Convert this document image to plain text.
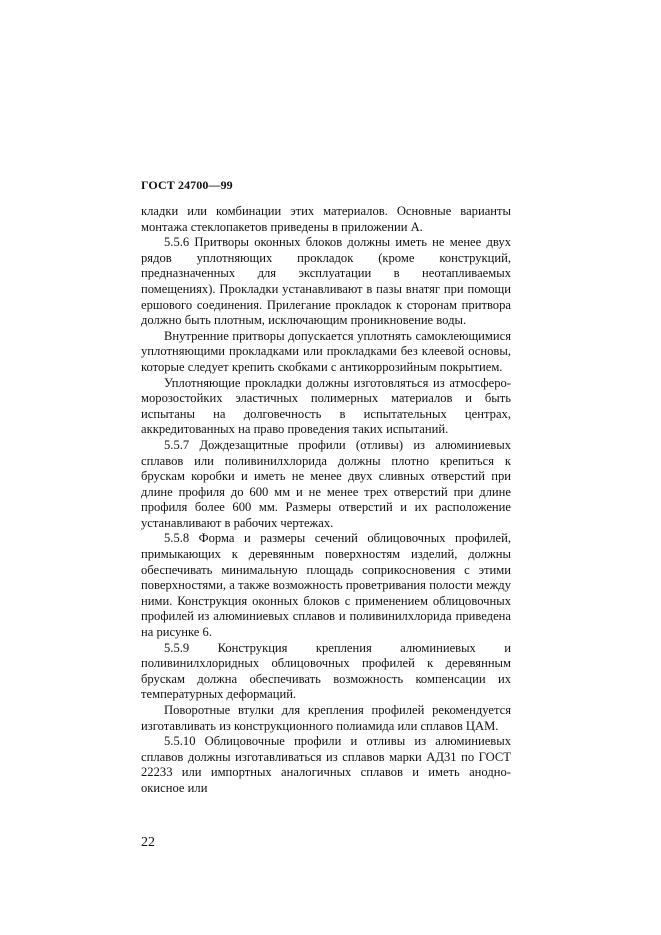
ГОСТ 24700—99

кладки или комбинации этих материалов. Основные варианты монтажа стеклопакетов приведены в приложении А.

5.5.6 Притворы оконных блоков должны иметь не менее двух рядов уплотняющих прокладок (кроме конструкций, предназначенных для эксплуатации в неотапливаемых помещениях). Прокладки устанавливают в пазы внатяг при помощи ершового соединения. Прилегание прокладок к сторонам притвора должно быть плотным, исключающим проникновение воды.

Внутренние притворы допускается уплотнять самоклеющимися уплотняющими прокладками или прокладками без клеевой основы, которые следует крепить скобками с антикоррозийным покрытием.

Уплотняющие прокладки должны изготовляться из атмосферо-морозостойких эластичных полимерных материалов и быть испытаны на долговечность в испытательных центрах, аккредитованных на право проведения таких испытаний.

5.5.7 Дождезащитные профили (отливы) из алюминиевых сплавов или поливинилхлорида должны плотно крепиться к брускам коробки и иметь не менее двух сливных отверстий при длине профиля до 600 мм и не менее трех отверстий при длине профиля более 600 мм. Размеры отверстий и их расположение устанавливают в рабочих чертежах.

5.5.8 Форма и размеры сечений облицовочных профилей, примыкающих к деревянным поверхностям изделий, должны обеспечивать минимальную площадь соприкосновения с этими поверхностями, а также возможность проветривания полости между ними. Конструкция оконных блоков с применением облицовочных профилей из алюминиевых сплавов и поливинилхлорида приведена на рисунке 6.

5.5.9 Конструкция крепления алюминиевых и поливинилхлоридных облицовочных профилей к деревянным брускам должна обеспечивать возможность компенсации их температурных деформаций.

Поворотные втулки для крепления профилей рекомендуется изготавливать из конструкционного полиамида или сплавов ЦАМ.

5.5.10 Облицовочные профили и отливы из алюминиевых сплавов должны изготавливаться из сплавов марки АД31 по ГОСТ 22233 или импортных аналогичных сплавов и иметь анодно-окисное или

22
